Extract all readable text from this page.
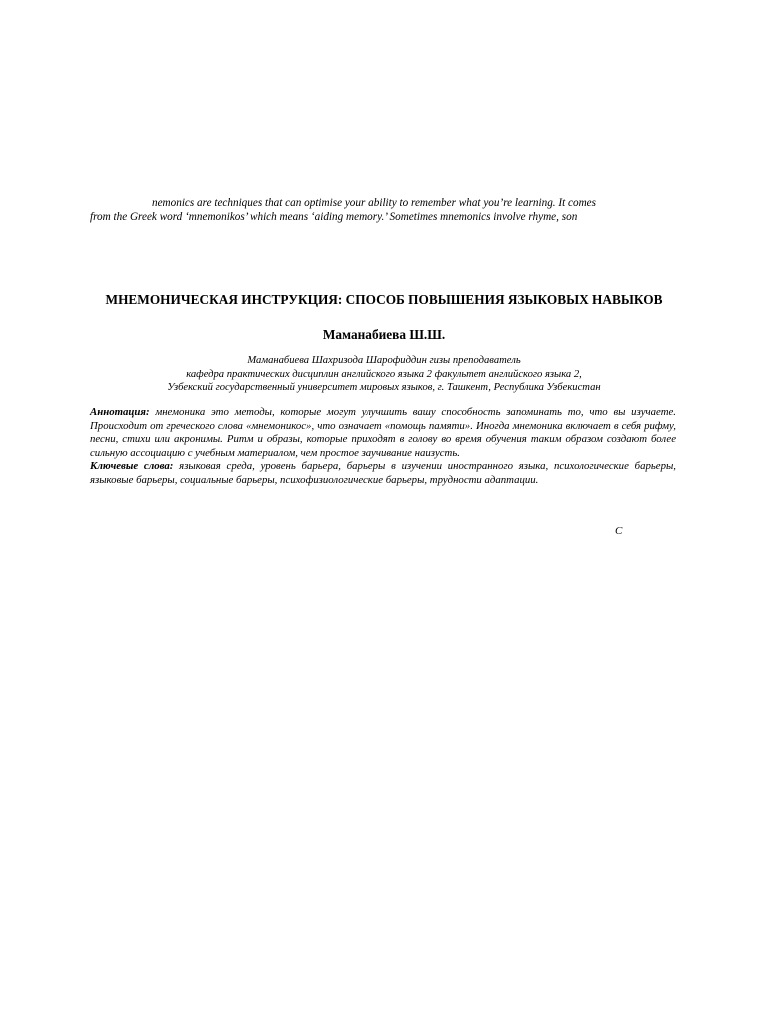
nemonics are techniques that can optimise your ability to remember what you’re learning. It comes
from the Greek word ‘mnemonikos’ which means ‘aiding memory.’ Sometimes mnemonics involve rhyme, son
МНЕМОНИЧЕСКАЯ ИНСТРУКЦИЯ: СПОСОБ ПОВЫШЕНИЯ ЯЗЫКОВЫХ НАВЫКОВ
Маманабиева Ш.Ш.
Маманабиева Шахризода Шарофиддин гизы преподаватель
кафедра практических дисциплин английского языка 2 факультет английского языка 2,
Узбекский государственный университет мировых языков, г. Ташкент, Республика Узбекистан

Аннотация: мнемоника это методы, которые могут улучшить вашу способность запоминать то, что вы изучаете. Происходит от греческого слова «мнемоникос», что означает «помощь памяти». Иногда мнемоника включает в себя рифму, песни, стихи или акронимы. Ритм и образы, которые приходят в голову во время обучения таким образом создают более сильную ассоциацию с учебным материалом, чем простое заучивание наизусть.

Ключевые слова: языковая среда, уровень барьера, барьеры в изучении иностранного языка, психологические барьеры, языковые барьеры, социальные барьеры, психофизиологические барьеры, трудности адаптации.

С
